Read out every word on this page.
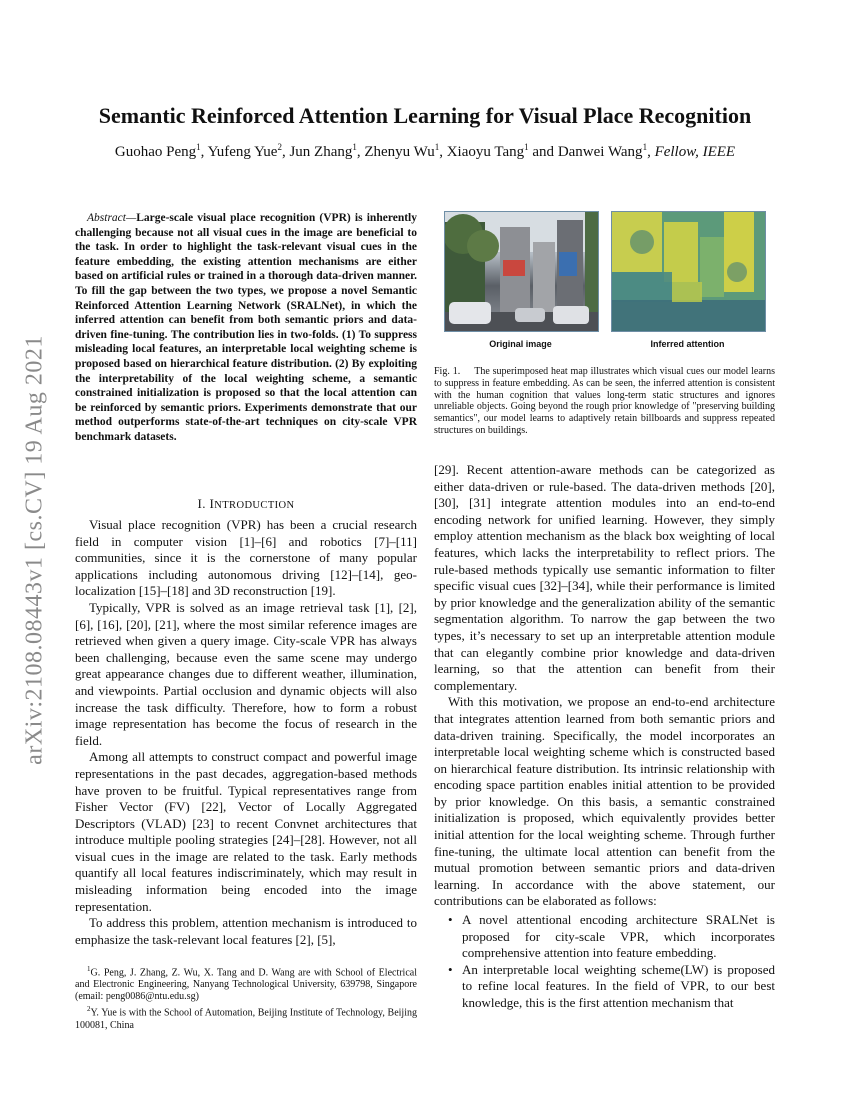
arXiv:2108.08443v1 [cs.CV] 19 Aug 2021
Semantic Reinforced Attention Learning for Visual Place Recognition
Guohao Peng$^1$, Yufeng Yue$^2$, Jun Zhang$^1$, Zhenyu Wu$^1$, Xiaoyu Tang$^1$ and Danwei Wang$^1$, Fellow, IEEE
Abstract—Large-scale visual place recognition (VPR) is inherently challenging because not all visual cues in the image are beneficial to the task. In order to highlight the task-relevant visual cues in the feature embedding, the existing attention mechanisms are either based on artificial rules or trained in a thorough data-driven manner. To fill the gap between the two types, we propose a novel Semantic Reinforced Attention Learning Network (SRALNet), in which the inferred attention can benefit from both semantic priors and data-driven fine-tuning. The contribution lies in two-folds. (1) To suppress misleading local features, an interpretable local weighting scheme is proposed based on hierarchical feature distribution. (2) By exploiting the interpretability of the local weighting scheme, a semantic constrained initialization is proposed so that the local attention can be reinforced by semantic priors. Experiments demonstrate that our method outperforms state-of-the-art techniques on city-scale VPR benchmark datasets.
Original image	Inferred attention
Fig. 1. The superimposed heat map illustrates which visual cues our model learns to suppress in feature embedding. As can be seen, the inferred attention is consistent with the human cognition that values long-term static structures and ignores unreliable objects. Going beyond the rough prior knowledge of "preserving building semantics", our model learns to adaptively retain billboards and suppress repeated structures on buildings.
I. INTRODUCTION

Visual place recognition (VPR) has been a crucial research field in computer vision [1]–[6] and robotics [7]–[11] communities, since it is the cornerstone of many popular applications including autonomous driving [12]–[14], geo-localization [15]–[18] and 3D reconstruction [19].

Typically, VPR is solved as an image retrieval task [1], [2], [6], [16], [20], [21], where the most similar reference images are retrieved when given a query image. City-scale VPR has always been challenging, because even the same scene may undergo great appearance changes due to different weather, illumination, and viewpoints. Partial occlusion and dynamic objects will also increase the task difficulty. Therefore, how to form a robust image representation has become the focus of research in the field.

Among all attempts to construct compact and powerful image representations in the past decades, aggregation-based methods have proven to be fruitful. Typical representatives range from Fisher Vector (FV) [22], Vector of Locally Aggregated Descriptors (VLAD) [23] to recent Convnet architectures that introduce multiple pooling strategies [24]–[28]. However, not all visual cues in the image are related to the task. Early methods quantify all local features indiscriminately, which may result in misleading information being encoded into the image representation.

To address this problem, attention mechanism is introduced to emphasize the task-relevant local features [2], [5],

[29]. Recent attention-aware methods can be categorized as either data-driven or rule-based. The data-driven methods [20], [30], [31] integrate attention modules into an end-to-end encoding network for unified learning. However, they simply employ attention mechanism as the black box weighting of local features, which lacks the interpretability to reflect priors. The rule-based methods typically use semantic information to filter specific visual cues [32]–[34], while their performance is limited by prior knowledge and the generalization ability of the semantic segmentation algorithm. To narrow the gap between the two types, it’s necessary to set up an interpretable attention module that can elegantly combine prior knowledge and data-driven learning, so that the attention can benefit from their complementary.

With this motivation, we propose an end-to-end architecture that integrates attention learned from both semantic priors and data-driven training. Specifically, the model incorporates an interpretable local weighting scheme which is constructed based on hierarchical feature distribution. Its intrinsic relationship with encoding space partition enables initial attention to be provided by prior knowledge. On this basis, a semantic constrained initialization is proposed, which equivalently provides better initial attention for the local weighting scheme. Through further fine-tuning, the ultimate local attention can benefit from the mutual promotion between semantic priors and data-driven learning. In accordance with the above statement, our contributions can be elaborated as follows:

• A novel attentional encoding architecture SRALNet is proposed for city-scale VPR, which incorporates comprehensive attention into feature embedding.
• An interpretable local weighting scheme(LW) is proposed to refine local features. In the field of VPR, to our best knowledge, this is the first attention mechanism that

$^1$G. Peng, J. Zhang, Z. Wu, X. Tang and D. Wang are with School of Electrical and Electronic Engineering, Nanyang Technological University, 639798, Singapore (email: peng0086@ntu.edu.sg)

$^2$Y. Yue is with the School of Automation, Beijing Institute of Technology, Beijing 100081, China
